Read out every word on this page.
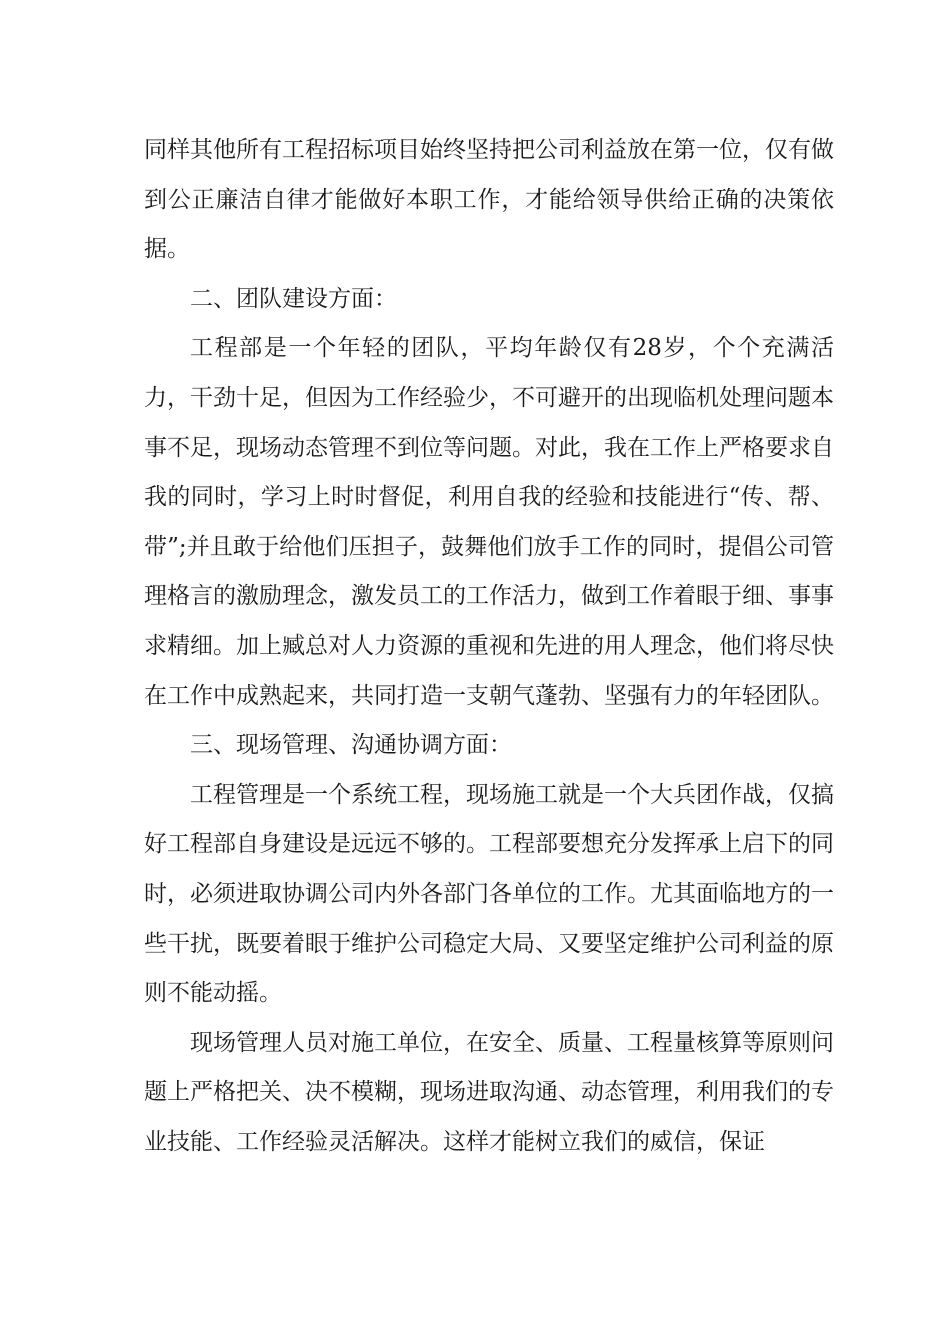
同样其他所有工程招标项目始终坚持把公司利益放在第一位，仅有做到公正廉洁自律才能做好本职工作，才能给领导供给正确的决策依据。

二、团队建设方面：

工程部是一个年轻的团队，平均年龄仅有28岁，个个充满活力，干劲十足，但因为工作经验少，不可避开的出现临机处理问题本事不足，现场动态管理不到位等问题。对此，我在工作上严格要求自我的同时，学习上时时督促，利用自我的经验和技能进行“传、帮、带”;并且敢于给他们压担子，鼓舞他们放手工作的同时，提倡公司管理格言的激励理念，激发员工的工作活力，做到工作着眼于细、事事求精细。加上臧总对人力资源的重视和先进的用人理念，他们将尽快在工作中成熟起来，共同打造一支朝气蓬勃、坚强有力的年轻团队。

三、现场管理、沟通协调方面：

工程管理是一个系统工程，现场施工就是一个大兵团作战，仅搞好工程部自身建设是远远不够的。工程部要想充分发挥承上启下的同时，必须进取协调公司内外各部门各单位的工作。尤其面临地方的一些干扰，既要着眼于维护公司稳定大局、又要坚定维护公司利益的原则不能动摇。

现场管理人员对施工单位，在安全、质量、工程量核算等原则问题上严格把关、决不模糊，现场进取沟通、动态管理，利用我们的专业技能、工作经验灵活解决。这样才能树立我们的威信，保证
